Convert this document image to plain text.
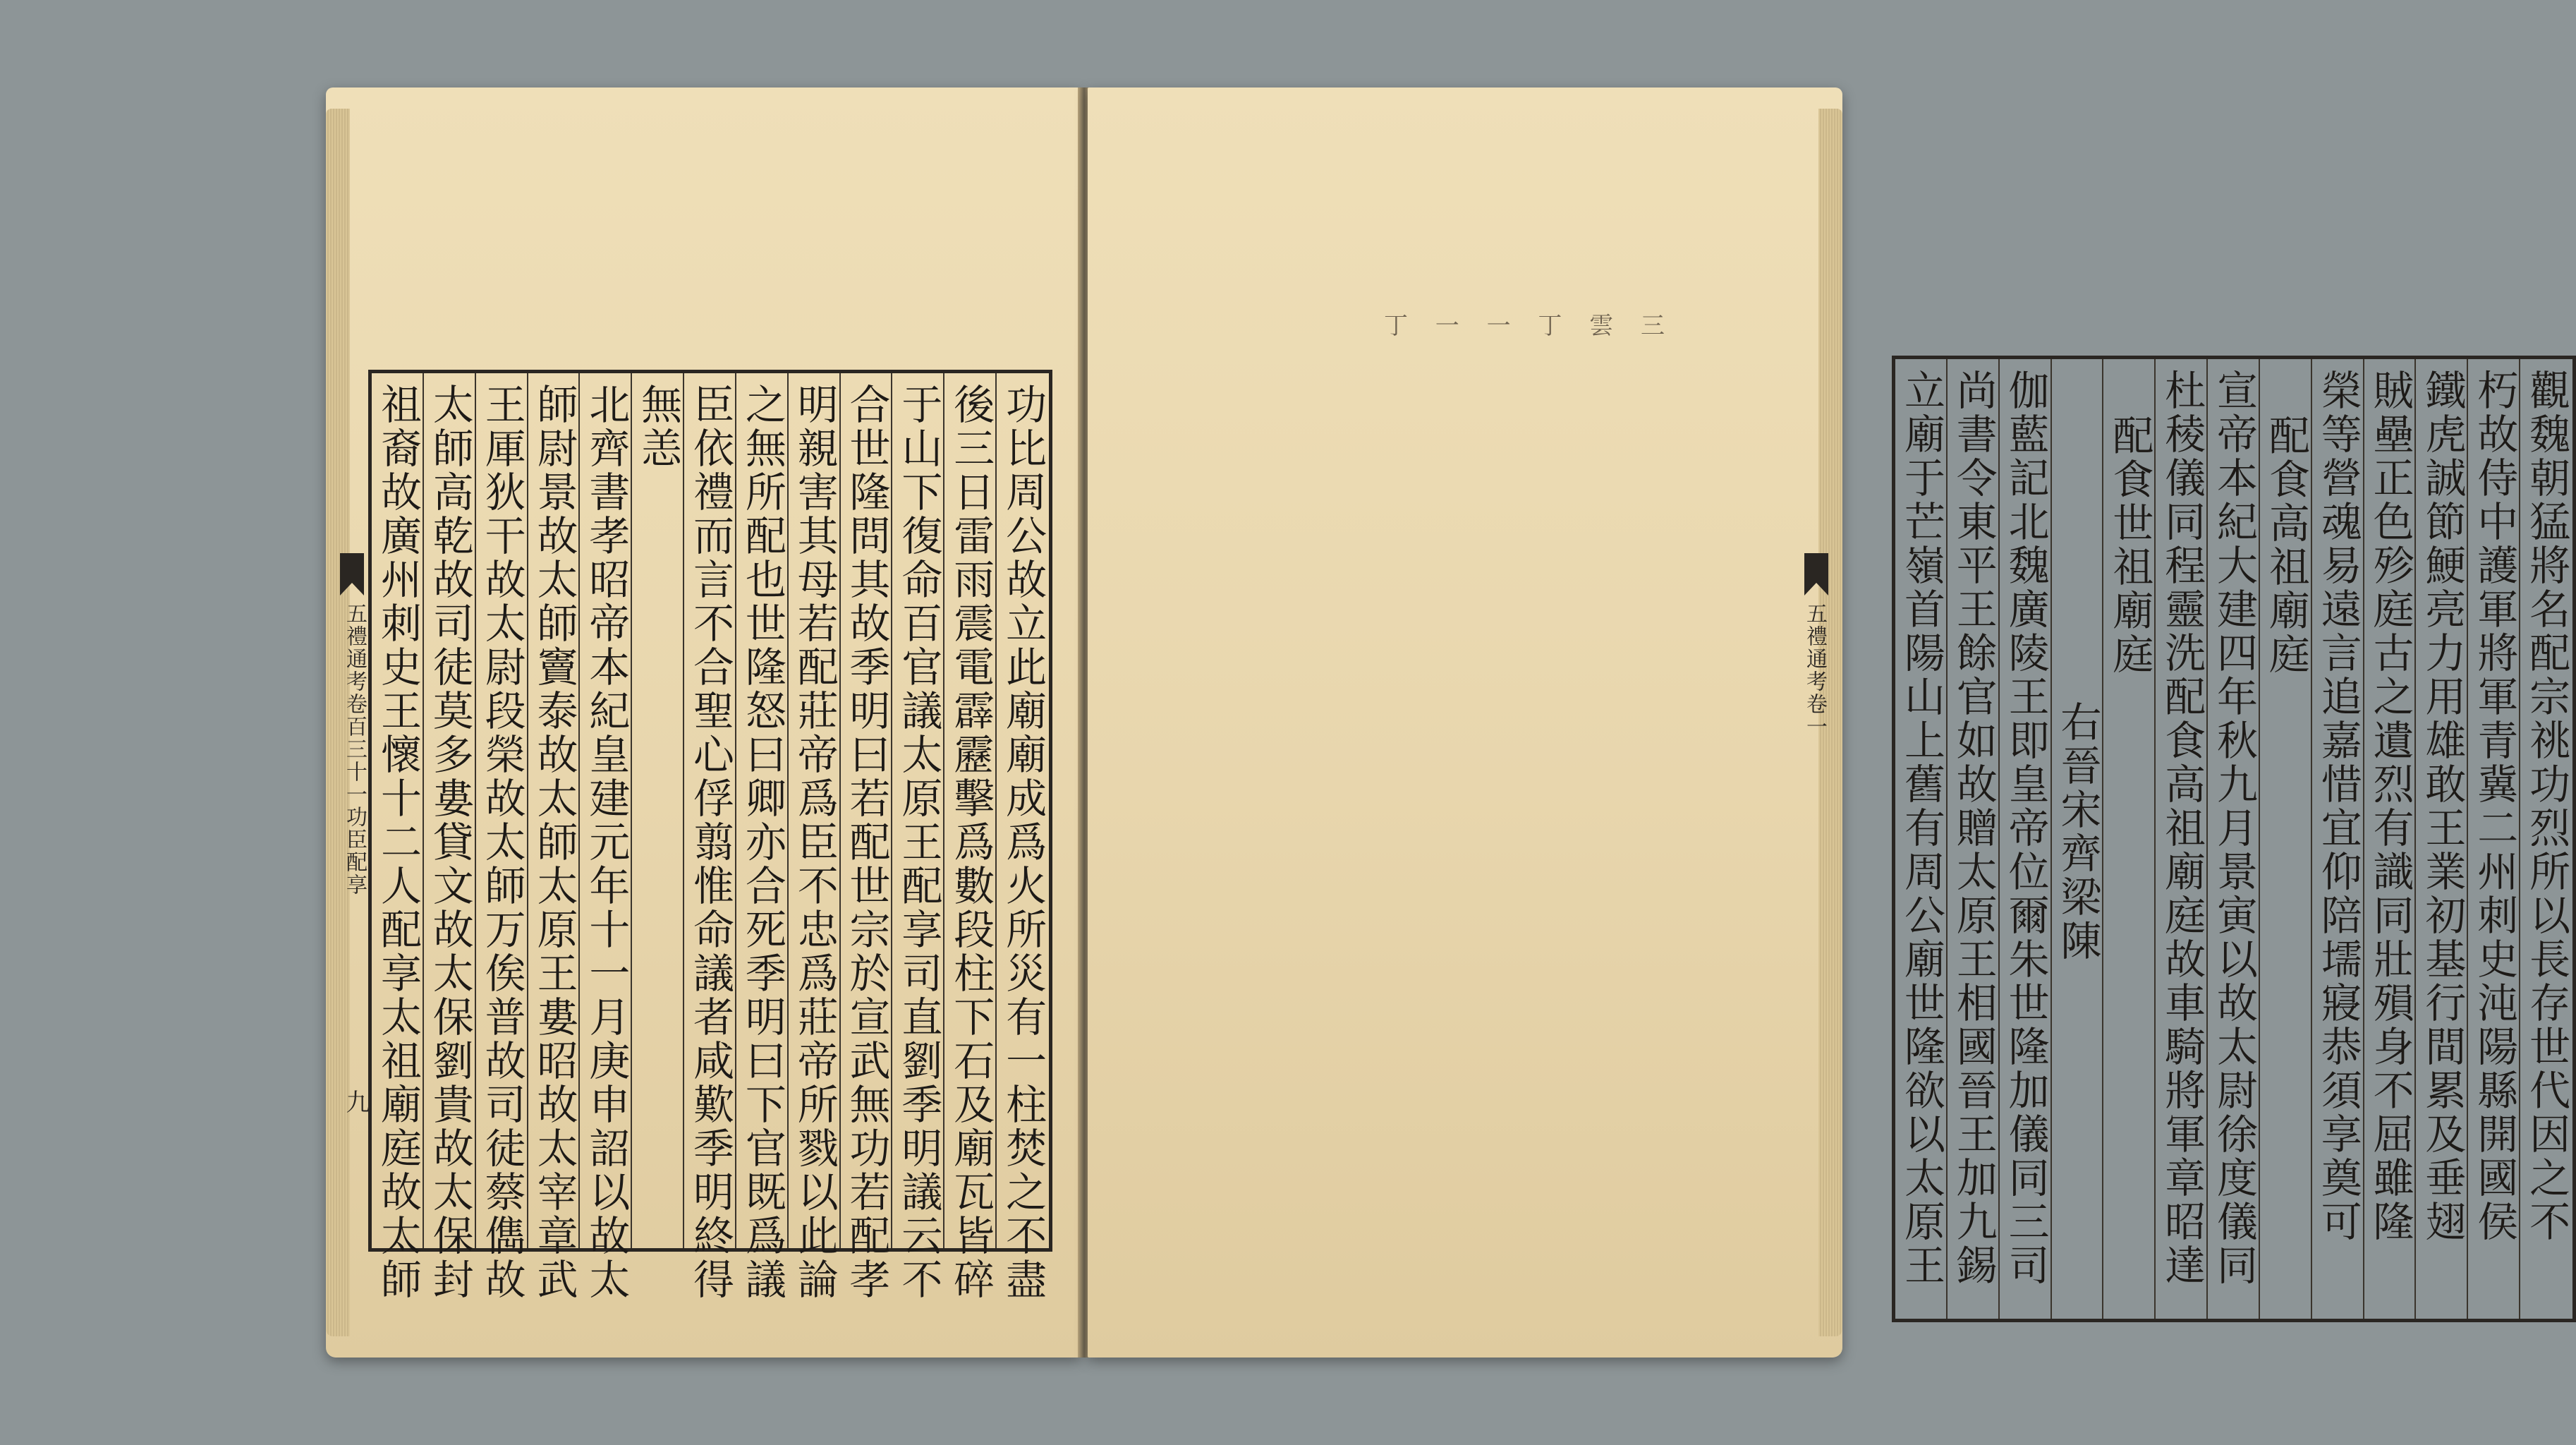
五禮通考卷百三十一功臣配享
九	功比周公故立此廟廟成爲火所災有一柱焚之不盡
後三日雷雨震電霹靂擊爲數段柱下石及廟瓦皆碎
于山下復命百官議太原王配享司直劉季明議云不
合世隆問其故季明曰若配世宗於宣武無功若配孝
明親害其母若配莊帝爲臣不忠爲莊帝所戮以此論
之無所配也世隆怒曰卿亦合死季明曰下官既爲議
臣依禮而言不合聖心俘翦惟命議者咸歎季明終得
無恙
北齊書孝昭帝本紀皇建元年十一月庚申詔以故太
師尉景故太師竇泰故太師太原王婁昭故太宰章武
王厙狄干故太尉段榮故太師万俟普故司徒蔡儁故
太師高乾故司徒莫多婁貸文故太保劉貴故太保封
祖裔故廣州刺史王懷十二人配享太祖廟庭故太師	五禮通考卷一
丁 一 一 丁 雲 三
觀魏朝猛將名配宗祧功烈所以長存世代因之不
朽故侍中護軍將軍青冀二州刺史沌陽縣開國侯
鐵虎誠節鯁亮力用雄敢王業初基行間累及垂翅
賊壘正色殄庭古之遺烈有識同壯殞身不屈雖隆
榮等營魂易遠言追嘉惜宜仰陪壖寢恭須享奠可
配食高祖廟庭
宣帝本紀大建四年秋九月景寅以故太尉徐度儀同
杜稜儀同程靈洗配食高祖廟庭故車騎將軍章昭達
配食世祖廟庭
右晉宋齊梁陳
伽藍記北魏廣陵王即皇帝位爾朱世隆加儀同三司
尚書令東平王餘官如故贈太原王相國晉王加九錫
立廟于芒嶺首陽山上舊有周公廟世隆欲以太原王
